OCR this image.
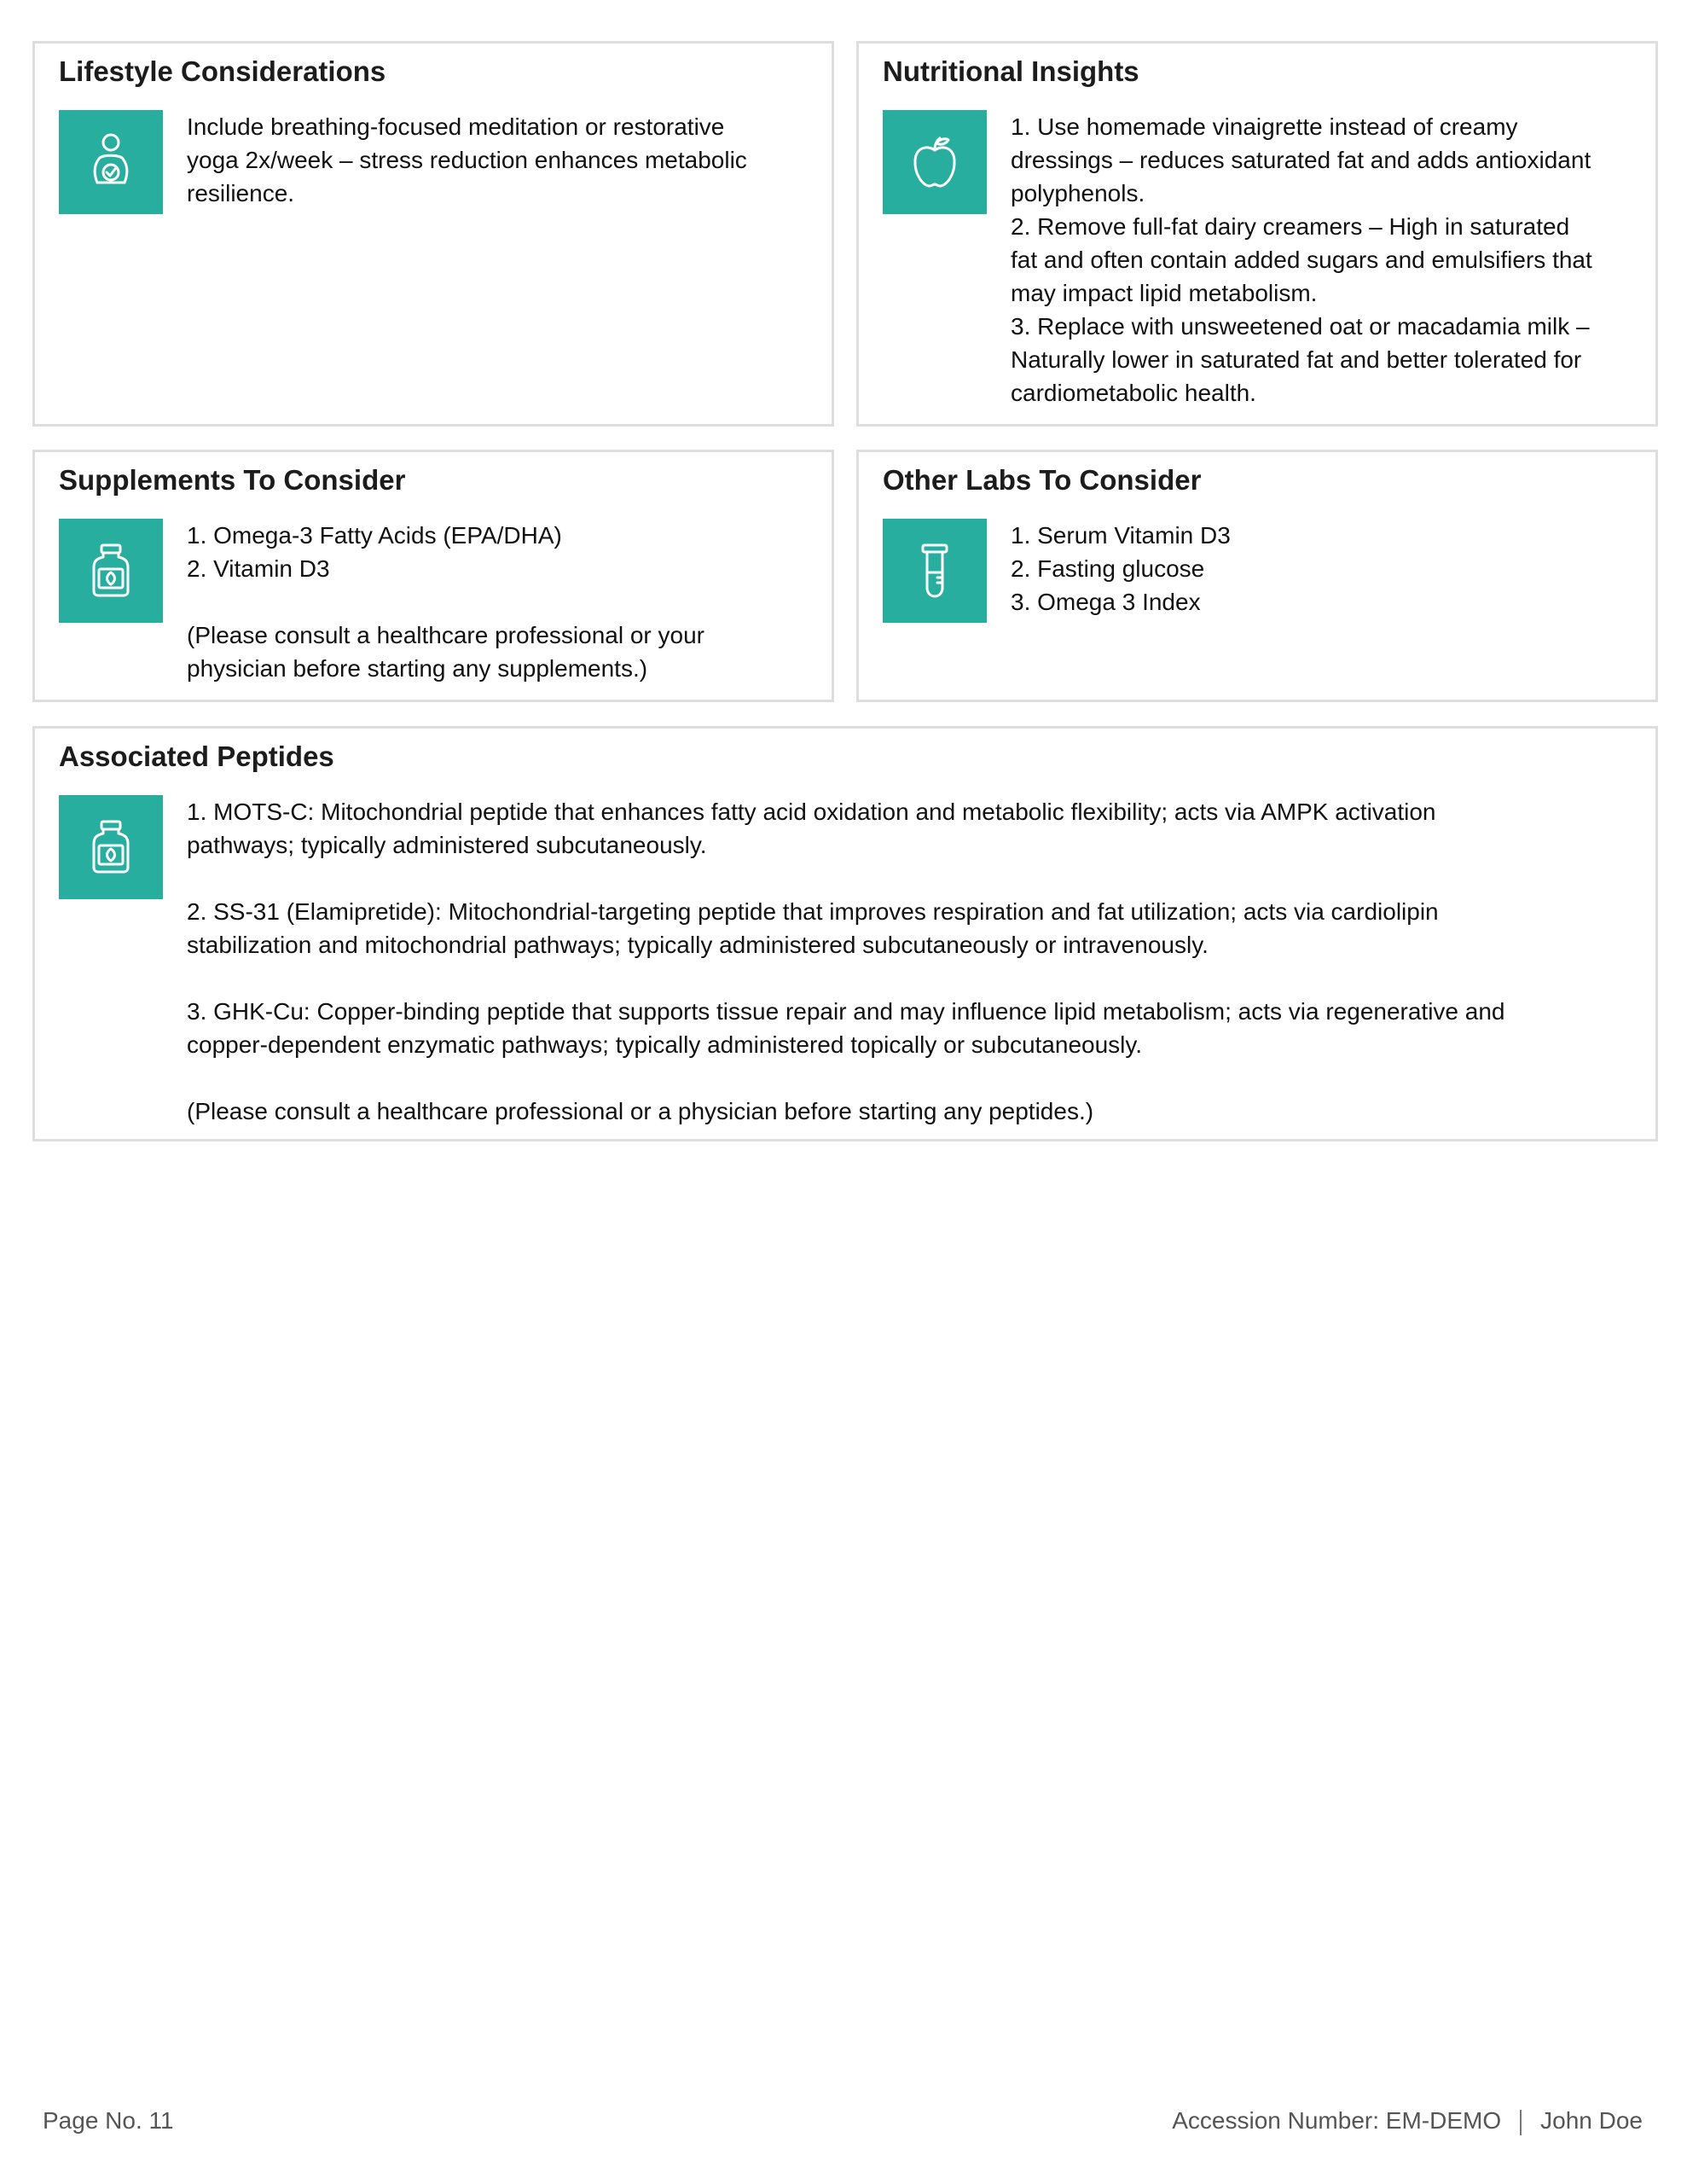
Lifestyle Considerations

Include breathing-focused meditation or restorative

yoga 2x/week – stress reduction enhances metabolic

resilience.

Nutritional Insights

1. Use homemade vinaigrette instead of creamy

dressings – reduces saturated fat and adds antioxidant

polyphenols.

2. Remove full-fat dairy creamers – High in saturated

fat and often contain added sugars and emulsifiers that

may impact lipid metabolism.

3. Replace with unsweetened oat or macadamia milk –

Naturally lower in saturated fat and better tolerated for

cardiometabolic health.

Supplements To Consider

1. Omega-3 Fatty Acids (EPA/DHA)

2. Vitamin D3

(Please consult a healthcare professional or your

physician before starting any supplements.)

Other Labs To Consider

1. Serum Vitamin D3

2. Fasting glucose

3. Omega 3 Index

Associated Peptides

1. MOTS-C: Mitochondrial peptide that enhances fatty acid oxidation and metabolic flexibility; acts via AMPK activation

pathways; typically administered subcutaneously.

2. SS-31 (Elamipretide): Mitochondrial-targeting peptide that improves respiration and fat utilization; acts via cardiolipin

stabilization and mitochondrial pathways; typically administered subcutaneously or intravenously.

3. GHK-Cu: Copper-binding peptide that supports tissue repair and may influence lipid metabolism; acts via regenerative and

copper-dependent enzymatic pathways; typically administered topically or subcutaneously.

(Please consult a healthcare professional or a physician before starting any peptides.)

Page No. 11	Accession Number: EM-DEMO John Doe
